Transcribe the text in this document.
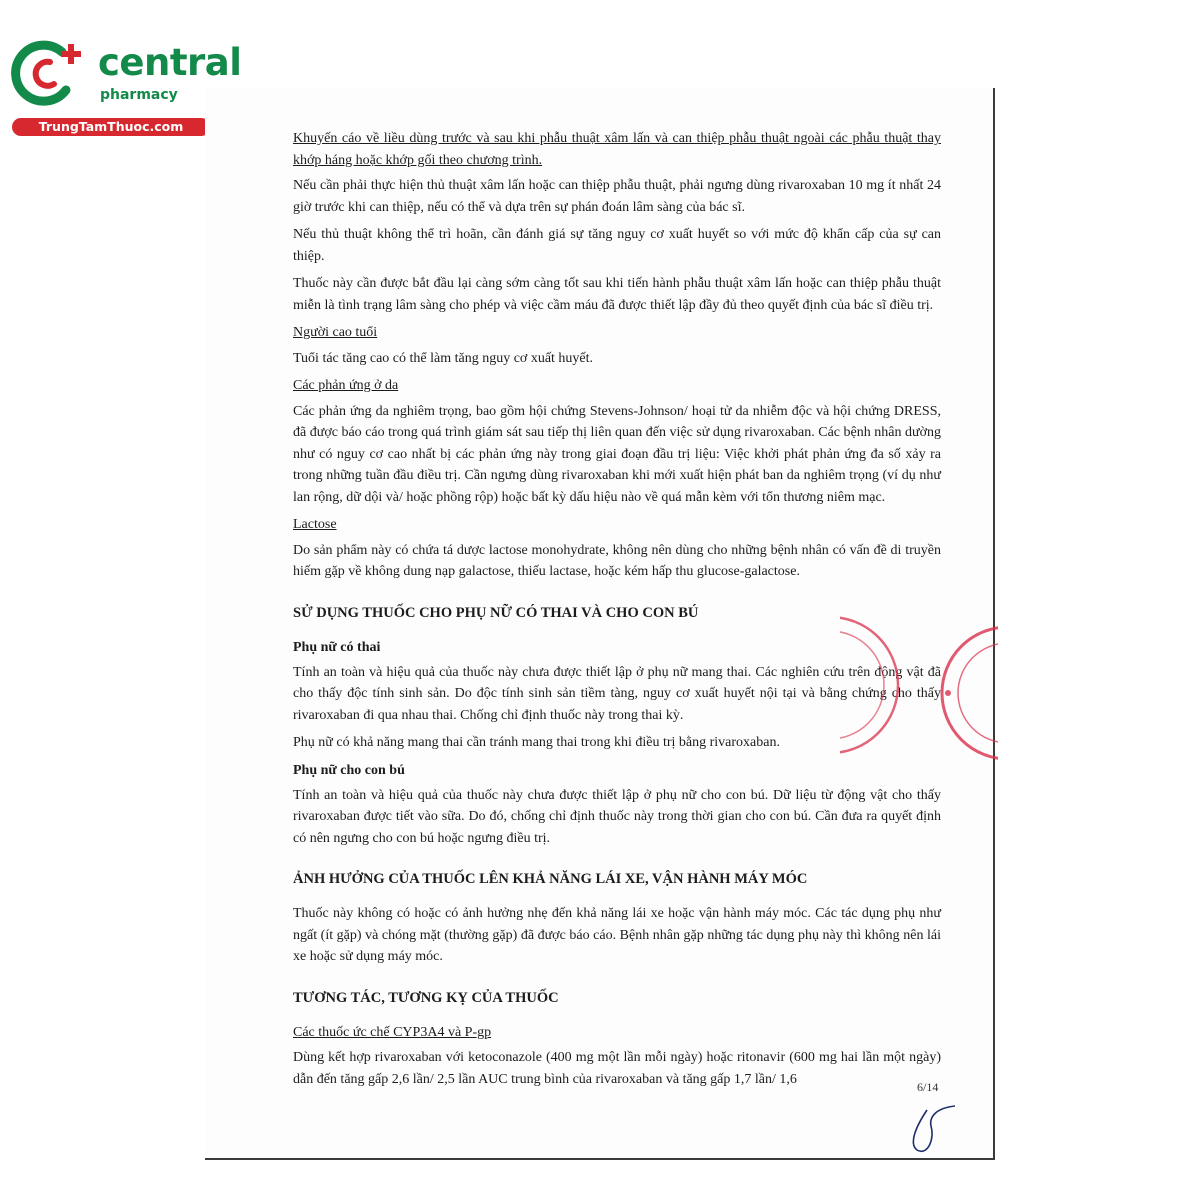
central
pharmacy
TrungTamThuoc.com
Khuyến cáo về liều dùng trước và sau khi phẫu thuật xâm lấn và can thiệp phẫu thuật ngoài các phẫu thuật thay khớp háng hoặc khớp gối theo chương trình.
Nếu cần phải thực hiện thủ thuật xâm lấn hoặc can thiệp phẫu thuật, phải ngưng dùng rivaroxaban 10 mg ít nhất 24 giờ trước khi can thiệp, nếu có thể và dựa trên sự phán đoán lâm sàng của bác sĩ.
Nếu thủ thuật không thể trì hoãn, cần đánh giá sự tăng nguy cơ xuất huyết so với mức độ khẩn cấp của sự can thiệp.
Thuốc này cần được bắt đầu lại càng sớm càng tốt sau khi tiến hành phẫu thuật xâm lấn hoặc can thiệp phẫu thuật miễn là tình trạng lâm sàng cho phép và việc cầm máu đã được thiết lập đầy đủ theo quyết định của bác sĩ điều trị.
Người cao tuổi
Tuổi tác tăng cao có thể làm tăng nguy cơ xuất huyết.
Các phản ứng ở da
Các phản ứng da nghiêm trọng, bao gồm hội chứng Stevens-Johnson/ hoại tử da nhiễm độc và hội chứng DRESS, đã được báo cáo trong quá trình giám sát sau tiếp thị liên quan đến việc sử dụng rivaroxaban. Các bệnh nhân dường như có nguy cơ cao nhất bị các phản ứng này trong giai đoạn đầu trị liệu: Việc khởi phát phản ứng đa số xảy ra trong những tuần đầu điều trị. Cần ngưng dùng rivaroxaban khi mới xuất hiện phát ban da nghiêm trọng (ví dụ như lan rộng, dữ dội và/ hoặc phồng rộp) hoặc bất kỳ dấu hiệu nào về quá mẫn kèm với tổn thương niêm mạc.
Lactose
Do sản phẩm này có chứa tá dược lactose monohydrate, không nên dùng cho những bệnh nhân có vấn đề di truyền hiếm gặp về không dung nạp galactose, thiếu lactase, hoặc kém hấp thu glucose-galactose.
SỬ DỤNG THUỐC CHO PHỤ NỮ CÓ THAI VÀ CHO CON BÚ
Phụ nữ có thai
Tính an toàn và hiệu quả của thuốc này chưa được thiết lập ở phụ nữ mang thai. Các nghiên cứu trên động vật đã cho thấy độc tính sinh sản. Do độc tính sinh sản tiềm tàng, nguy cơ xuất huyết nội tại và bằng chứng cho thấy rivaroxaban đi qua nhau thai. Chống chỉ định thuốc này trong thai kỳ.
Phụ nữ có khả năng mang thai cần tránh mang thai trong khi điều trị bằng rivaroxaban.
Phụ nữ cho con bú
Tính an toàn và hiệu quả của thuốc này chưa được thiết lập ở phụ nữ cho con bú. Dữ liệu từ động vật cho thấy rivaroxaban được tiết vào sữa. Do đó, chống chỉ định thuốc này trong thời gian cho con bú. Cần đưa ra quyết định có nên ngưng cho con bú hoặc ngưng điều trị.
ẢNH HƯỞNG CỦA THUỐC LÊN KHẢ NĂNG LÁI XE, VẬN HÀNH MÁY MÓC
Thuốc này không có hoặc có ảnh hưởng nhẹ đến khả năng lái xe hoặc vận hành máy móc. Các tác dụng phụ như ngất (ít gặp) và chóng mặt (thường gặp) đã được báo cáo. Bệnh nhân gặp những tác dụng phụ này thì không nên lái xe hoặc sử dụng máy móc.
TƯƠNG TÁC, TƯƠNG KỴ CỦA THUỐC
Các thuốc ức chế CYP3A4 và P-gp
Dùng kết hợp rivaroxaban với ketoconazole (400 mg một lần mỗi ngày) hoặc ritonavir (600 mg hai lần một ngày) dẫn đến tăng gấp 2,6 lần/ 2,5 lần AUC trung bình của rivaroxaban và tăng gấp 1,7 lần/ 1,6
6/14
